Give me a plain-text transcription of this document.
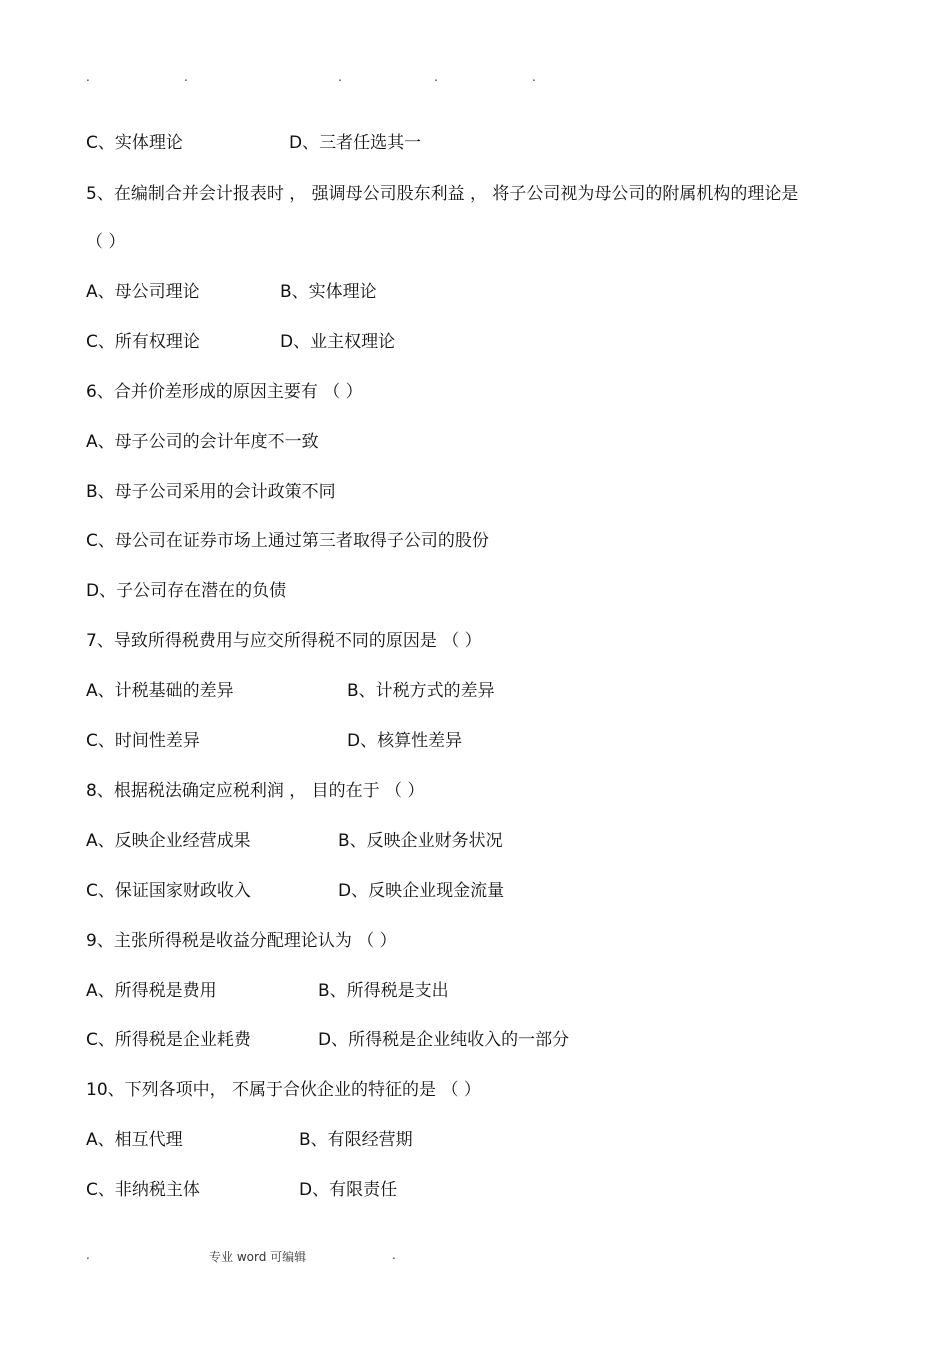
.	.	.	.	.
C、实体理论	D、三者任选其一
5、在编制合并会计报表时 ， 强调母公司股东利益 ， 将子公司视为母公司的附属机构的理论是
（ ）
A、母公司理论	B、实体理论
C、所有权理论	D、业主权理论
6、合并价差形成的原因主要有 （ ）
A、母子公司的会计年度不一致
B、母子公司采用的会计政策不同
C、母公司在证券市场上通过第三者取得子公司的股份
D、子公司存在潜在的负债
7、导致所得税费用与应交所得税不同的原因是 （ ）
A、计税基础的差异	B、计税方式的差异
C、时间性差异	D、核算性差异
8、根据税法确定应税利润 ， 目的在于 （ ）
A、反映企业经营成果	B、反映企业财务状况
C、保证国家财政收入	D、反映企业现金流量
9、主张所得税是收益分配理论认为 （ ）
A、所得税是费用	B、所得税是支出
C、所得税是企业耗费	D、所得税是企业纯收入的一部分
10、下列各项中， 不属于合伙企业的特征的是 （ ）
A、相互代理	B、有限经营期
C、非纳税主体	D、有限责任
.	专业 word 可编辑	.
